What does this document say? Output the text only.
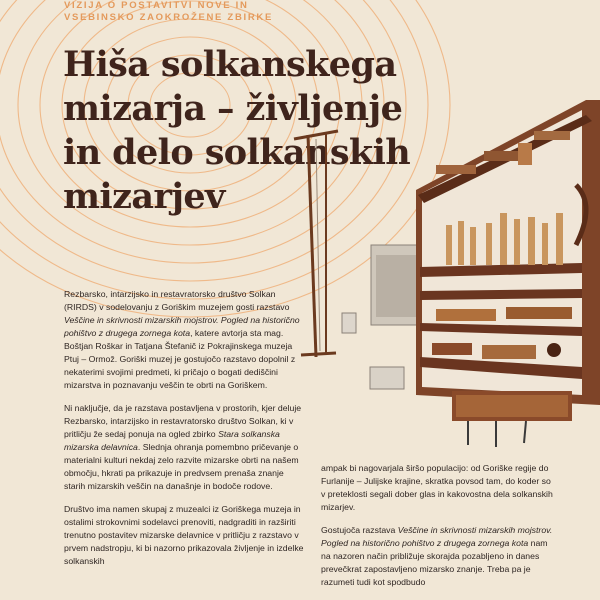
VIZIJA O POSTAVITVI NOVE IN
VSEBINSKO ZAOKROŽENE ZBIRKE
Hiša solkanskega mizarja – življenje in delo solkanskih mizarjev

Rezbarsko, intarzijsko in restavratorsko društvo Solkan (RIRDS) v sodelovanju z Goriškim muzejem gosti razstavo Veščine in skrivnosti mizarskih mojstrov. Pogled na historično pohištvo z drugega zornega kota, katere avtorja sta mag. Boštjan Roškar in Tatjana Štefanič iz Pokrajinskega muzeja Ptuj – Ormož. Goriški muzej je gostujočo razstavo dopolnil z nekaterimi svojimi predmeti, ki pričajo o bogati dediščini mizarstva in poznavanju veščin te obrti na Goriškem.

Ni naključje, da je razstava postavljena v prostorih, kjer deluje Rezbarsko, intarzijsko in restavratorsko društvo Solkan, ki v pritličju že sedaj ponuja na ogled zbirko Stara solkanska mizarska delavnica. Slednja ohranja pomembno pričevanje o materialni kulturi nekdaj zelo razvite mizarske obrti na našem območju, hkrati pa prikazuje in predvsem prenaša znanje starih mizarskih veščin na današnje in bodoče rodove.

Društvo ima namen skupaj z muzealci iz Goriškega muzeja in ostalimi strokovnimi sodelavci prenoviti, nadgraditi in razširiti trenutno postavitev mizarske delavnice v pritličju z razstavo v prvem nadstropju, ki bi nazorno prikazovala življenje in izdelke solkanskih

ampak bi nagovarjala širšo populacijo: od Goriške regije do Furlanije – Julijske krajine, skratka povsod tam, do koder so v preteklosti segali dober glas in kakovostna dela solkanskih mizarjev.

Gostujoča razstava Veščine in skrivnosti mizarskih mojstrov. Pogled na historično pohištvo z drugega zornega kota nam na nazoren način približuje skorajda pozabljeno in danes prevečkrat zapostavljeno mizarsko znanje. Treba pa je razumeti tudi kot spodbudo
